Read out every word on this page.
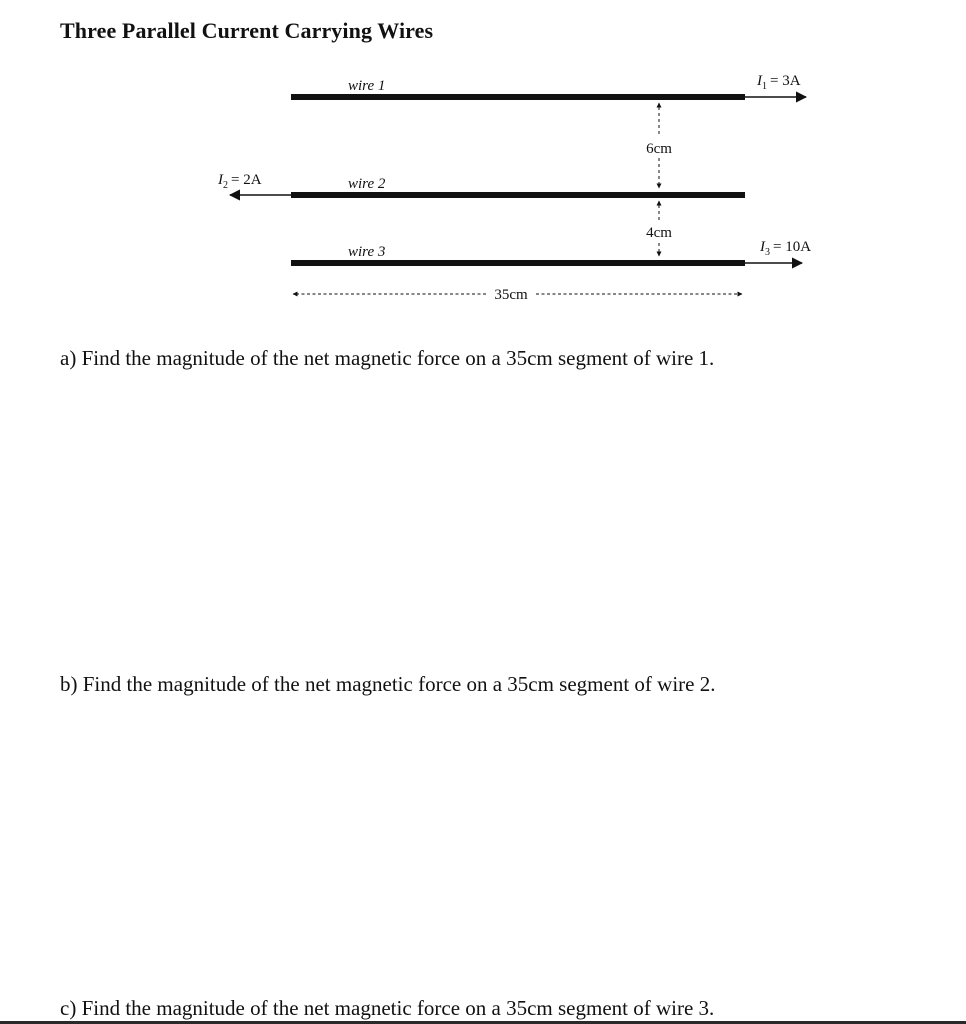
Three Parallel Current Carrying Wires
wire 1	$I_1 = 3A$
wire 2
$I_2 = 2A$
wire 3	$I_3 = 10A$
6cm
4cm
35cm
a) Find the magnitude of the net magnetic force on a 35cm segment of wire 1.
b) Find the magnitude of the net magnetic force on a 35cm segment of wire 2.
c) Find the magnitude of the net magnetic force on a 35cm segment of wire 3.
